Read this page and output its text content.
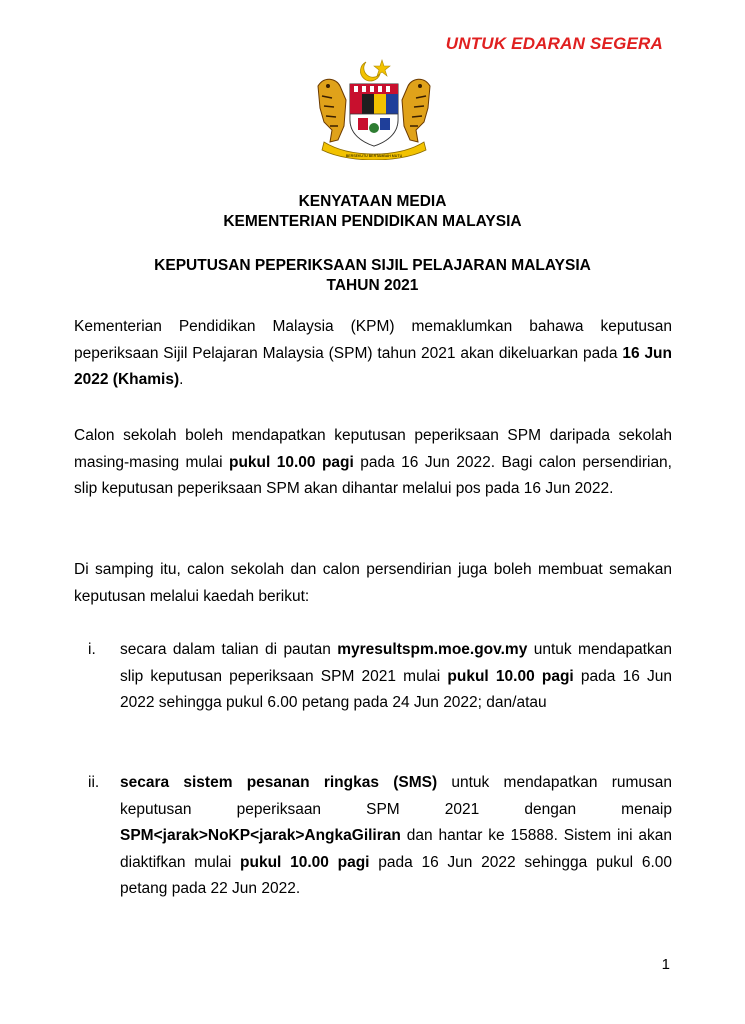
UNTUK EDARAN SEGERA
BERSEKUTU BERTAMBAH MUTU
KENYATAAN MEDIA
KEMENTERIAN PENDIDIKAN MALAYSIA
KEPUTUSAN PEPERIKSAAN SIJIL PELAJARAN MALAYSIA
TAHUN 2021
Kementerian Pendidikan Malaysia (KPM) memaklumkan bahawa keputusan peperiksaan Sijil Pelajaran Malaysia (SPM) tahun 2021 akan dikeluarkan pada 16 Jun 2022 (Khamis).
Calon sekolah boleh mendapatkan keputusan peperiksaan SPM daripada sekolah masing-masing mulai pukul 10.00 pagi pada 16 Jun 2022. Bagi calon persendirian, slip keputusan peperiksaan SPM akan dihantar melalui pos pada 16 Jun 2022.
Di samping itu, calon sekolah dan calon persendirian juga boleh membuat semakan keputusan melalui kaedah berikut:
i. secara dalam talian di pautan myresultspm.moe.gov.my untuk mendapatkan slip keputusan peperiksaan SPM 2021 mulai pukul 10.00 pagi pada 16 Jun 2022 sehingga pukul 6.00 petang pada 24 Jun 2022; dan/atau
ii. secara sistem pesanan ringkas (SMS) untuk mendapatkan rumusan keputusan peperiksaan SPM 2021 dengan menaip SPM<jarak>NoKP<jarak>AngkaGiliran dan hantar ke 15888. Sistem ini akan diaktifkan mulai pukul 10.00 pagi pada 16 Jun 2022 sehingga pukul 6.00 petang pada 22 Jun 2022.
1
